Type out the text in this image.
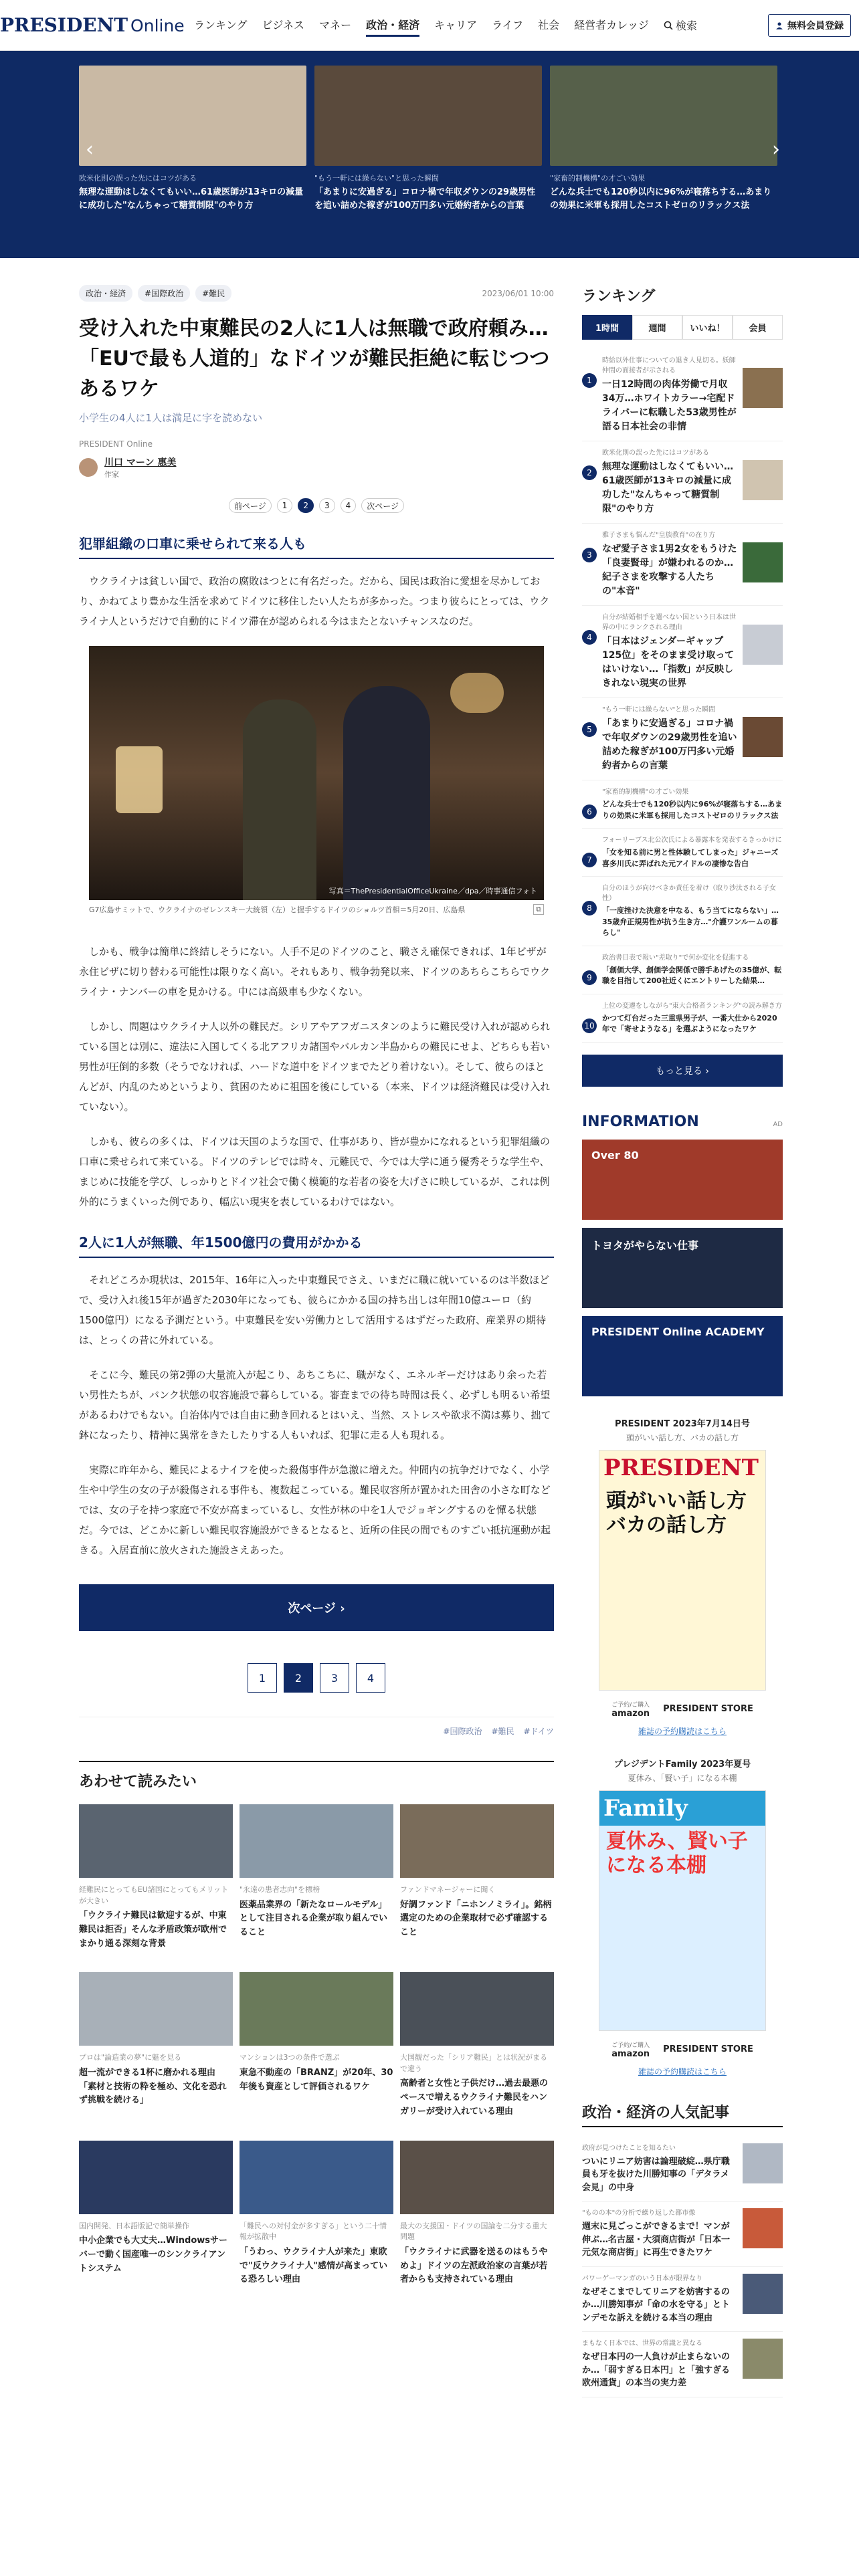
PRESIDENT Online ランキング ビジネス マネー 政治・経済 キャリア ライフ 社会 経営者カレッジ	検索	無料会員登録
欧米化則の誤った先にはコツがある
無理な運動はしなくてもいい…61歳医師が13キロの減量に成功した"なんちゃって糖質制限"のやり方
"もう一軒には繰らない"と思った瞬間
「あまりに安過ぎる」コロナ禍で年収ダウンの29歳男性を追い詰めた稼ぎが100万円多い元婚約者からの言葉
"家畜的制機構"の才ごい効果
どんな兵士でも120秒以内に96%が寝落ちする…あまりの効果に米軍も採用したコストゼロのリラックス法
‹	›
政治・経済	#国際政治	#難民	2023/06/01 10:00
受け入れた中東難民の2人に1人は無職で政府頼み…「EUで最も人道的」なドイツが難民拒絶に転じつつあるワケ

小学生の4人に1人は満足に字を読めない

PRESIDENT Online

川口 マーン 惠美
作家
前ページ	1	2	3	4	次ページ
犯罪組織の口車に乗せられて来る人も

ウクライナは貧しい国で、政治の腐敗はつとに有名だった。だから、国民は政治に愛想を尽かしており、かねてより豊かな生活を求めてドイツに移住したい人たちが多かった。つまり彼らにとっては、ウクライナ人というだけで自動的にドイツ滞在が認められる今はまたとないチャンスなのだ。

写真＝ThePresidentialOfficeUkraine／dpa／時事通信フォト
G7広島サミットで、ウクライナのゼレンスキー大統領（左）と握手するドイツのショルツ首相＝5月20日、広島県	⧉

しかも、戦争は簡単に終結しそうにない。人手不足のドイツのこと、職さえ確保できれば、1年ビザが永住ビザに切り替わる可能性は限りなく高い。それもあり、戦争勃発以来、ドイツのあちらこちらでウクライナ・ナンバーの車を見かける。中には高級車も少なくない。

しかし、問題はウクライナ人以外の難民だ。シリアやアフガニスタンのように難民受け入れが認められている国とは別に、違法に入国してくる北アフリカ諸国やバルカン半島からの難民にせよ、どちらも若い男性が圧倒的多数（そうでなければ、ハードな道中をドイツまでたどり着けない）。そして、彼らのほとんどが、内乱のためというより、貧困のために祖国を後にしている（本来、ドイツは経済難民は受け入れていない）。

しかも、彼らの多くは、ドイツは天国のような国で、仕事があり、皆が豊かになれるという犯罪組織の口車に乗せられて来ている。ドイツのテレビでは時々、元難民で、今では大学に通う優秀そうな学生や、まじめに技能を学び、しっかりとドイツ社会で働く模範的な若者の姿を大げさに映しているが、これは例外的にうまくいった例であり、幅広い現実を表しているわけではない。

2人に1人が無職、年1500億円の費用がかかる

それどころか現状は、2015年、16年に入った中東難民でさえ、いまだに職に就いているのは半数ほどで、受け入れ後15年が過ぎた2030年になっても、彼らにかかる国の持ち出しは年間10億ユーロ（約1500億円）になる予測だという。中東難民を安い労働力として活用するはずだった政府、産業界の期待は、とっくの昔に外れている。

そこに今、難民の第2弾の大量流入が起こり、あちこちに、職がなく、エネルギーだけはあり余った若い男性たちが、バンク状態の収容施設で暮らしている。審査までの待ち時間は長く、必ずしも明るい希望があるわけでもない。自治体内では自由に動き回れるとはいえ、当然、ストレスや欲求不満は募り、拙て鉢になったり、精神に異常をきたしたりする人もいれば、犯罪に走る人も現れる。

実際に昨年から、難民によるナイフを使った殺傷事件が急激に増えた。仲間内の抗争だけでなく、小学生や中学生の女の子が殺傷される事件も、複数起こっている。難民収容所が置かれた田舎の小さな町などでは、女の子を持つ家庭で不安が高まっているし、女性が林の中を1人でジョギングするのを憚る状態だ。今では、どこかに新しい難民収容施設ができるとなると、近所の住民の間でものすごい抵抗運動が起きる。入居直前に放火された施設さえあった。

次ページ ›
1	2	3	4
#国際政治 #難民 #ドイツ
あわせて読みたい
経難民にとってもEU諸国にとってもメリットが大きい
「ウクライナ難民は歓迎するが、中東難民は拒否」そんな矛盾政策が欧州でまかり通る深刻な背景
"永遠の患者志向"を標榜
医薬品業界の「新たなロールモデル」として注目される企業が取り組んでいること
ファンドマネージャーに聞く
好調ファンド「ニホンノミライ」。銘柄選定のための企業取材で必ず確認すること
プロは"論造業の夢"に魅を見る
超一流ができる1杯に磨かれる理由「素材と技術の粋を極め、文化を恐れず挑戦を続ける」
マンションは3つの条件で選ぶ
東急不動産の「BRANZ」が20年、30年後も資産として評価されるワケ
大国観だった「シリア難民」とは状況がまるで違う
高齢者と女性と子供だけ…過去最悪のペースで増えるウクライナ難民をハンガリーが受け入れている理由
国内開発、日本語版記で簡単操作
中小企業でも大丈夫…Windowsサーバーで動く国産唯一のシンクライアントシステム
「難民への対付金が多すぎる」という二十情報が拡散中
「うわっ、ウクライナ人が来た」東欧で"反ウクライナ人"感情が高まっている恐ろしい理由
最大の支援国・ドイツの国論を二分する重大問題
「ウクライナに武器を送るのはもうやめよ」ドイツの左派政治家の言葉が若者からも支持されている理由
ランキング
1時間	週間	いいね！	会員
1
時給以外仕事についての退き人見切る。妖師仲間の面接者が示される
一日12時間の肉体労働で月収34万…ホワイトカラー→宅配ドライバーに転職した53歳男性が語る日本社会の非情
2
欧米化則の誤った先にはコツがある
無理な運動はしなくてもいい…61歳医師が13キロの減量に成功した"なんちゃって糖質制限"のやり方
3
雅子さまも悩んだ"皇族教育"の在り方
なぜ愛子さま1男2女をもうけた「良妻賢母」が嫌われるのか…紀子さまを攻撃する人たちの"本音"
4
自分が結婚相手を選べない国という日本は世界の中にランクされる理由
「日本はジェンダーギャップ125位」をそのまま受け取ってはいけない…「指数」が反映しきれない現実の世界
5
"もう一軒には繰らない"と思った瞬間
「あまりに安過ぎる」コロナ禍で年収ダウンの29歳男性を追い詰めた稼ぎが100万円多い元婚約者からの言葉
6
"家畜的制機構"の才ごい効果
どんな兵士でも120秒以内に96%が寝落ちする…あまりの効果に米軍も採用したコストゼロのリラックス法
7
フォーリーブス北公次氏による暴露本を発表するきっかけに
「女を知る前に男と性体験してしまった」ジャニーズ喜多川氏に弄ばれた元アイドルの凄惨な告白
8
自分のほうが向けべきか責任を着け（取り沙汰される子女性）
「一度挫けた決意を中なる、もう当てにならない」…35歳弁正規男性が抗う生き方…"介護ワンルームの暮らし"
9
政治書目表で報い"差取り"で何か変化を促進する
「創価大学、創価学会関係で勝手あげたの35億が、転職を目指して200社近くにエントリーした結果…
10
上位の変遷をしながら"東大合格者ランキング"の読み解き方
かつて灯台だった三重県男子が、一番大仕から2020年で「寄せようなる」を選ぶようになったワケ
もっと見る ›
INFORMATION	AD
Over 80
トヨタがやらない仕事
PRESIDENT Online ACADEMY
PRESIDENT 2023年7月14日号
頭がいい話し方、バカの話し方
PRESIDENT
頭がいい話し方 バカの話し方
ご予約/ご購入
amazon PRESIDENT STORE
雑誌の予約購読はこちら
プレジデントFamily 2023年夏号
夏休み、「賢い子」になる本棚
Family
夏休み、賢い子になる本棚
ご予約/ご購入
amazon PRESIDENT STORE
雑誌の予約購読はこちら
政治・経済の人気記事
政府が見つけたことを知るたい
ついにリニア妨害は論理破綻…県庁職員も牙を抜けた川勝知事の「デタラメ会見」の中身
"ものの本"の分析で繰り返した都市像
週末に見ごっこができるまで！マンが伸ぶ…名古屋・大須商店街が「日本一元気な商店街」に再生できたワケ
パワーゲーマンガのいう日本が限界なり
なぜそこまでしてリニアを妨害するのか…川勝知事が「命の水を守る」とトンデモな訴えを続ける本当の理由
まもなく日本では、世界の常識と異なる
なぜ日本円の一人負けが止まらないのか…「弱すぎる日本円」と「強すぎる欧州通貨」の本当の実力差
